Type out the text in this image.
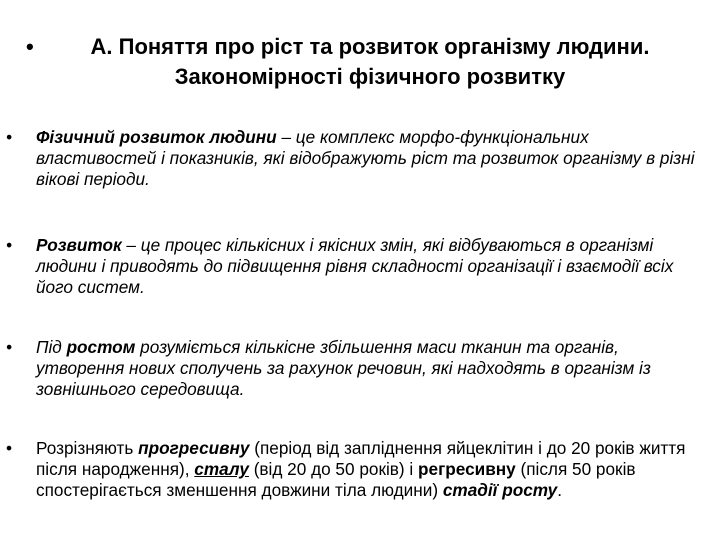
•	А. Поняття про ріст та розвиток організму людини.
Закономірності фізичного розвитку
• Фізичний розвиток людини – це комплекс морфо-функціональних властивостей і показників, які відображують ріст та розвиток організму в різні вікові періоди.
• Розвиток – це процес кількісних і якісних змін, які відбуваються в організмі людини і приводять до підвищення рівня складності організації і взаємодії всіх його систем.
• Під ростом розуміється кількісне збільшення маси тканин та органів, утворення нових сполучень за рахунок речовин, які надходять в організм із зовнішнього середовища.
• Розрізняють прогресивну (період від запліднення яйцеклітин і до 20 років життя після народження), сталу (від 20 до 50 років) і регресивну (після 50 років спостерігається зменшення довжини тіла людини) стадії росту.
